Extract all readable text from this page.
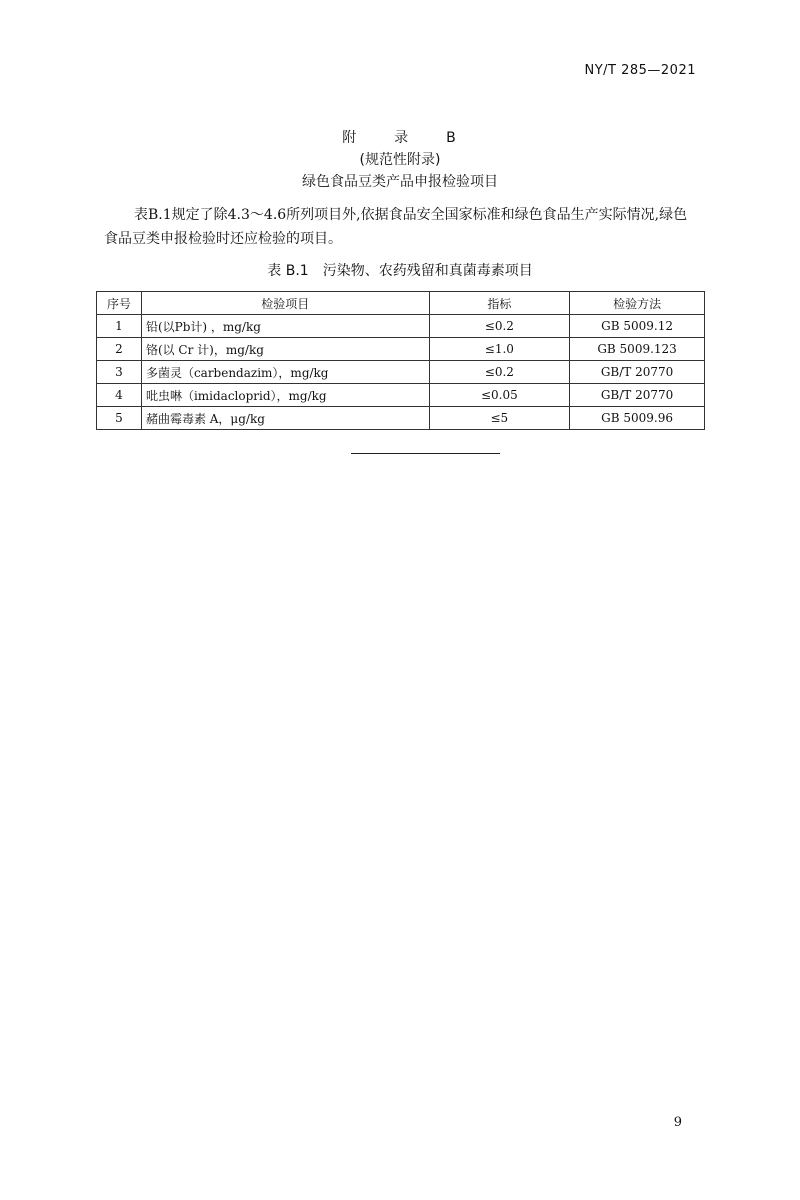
NY/T 285—2021
附　录　B
(规范性附录)
绿色食品豆类产品申报检验项目
表B.1规定了除4.3～4.6所列项目外,依据食品安全国家标准和绿色食品生产实际情况,绿色食品豆类申报检验时还应检验的项目。
表 B.1 污染物、农药残留和真菌毒素项目
序号	检验项目	指标	检验方法
1	铅(以Pb计) ，mg/kg	≤0.2	GB 5009.12
2	铬(以 Cr 计)，mg/kg	≤1.0	GB 5009.123
3	多菌灵（carbendazim），mg/kg	≤0.2	GB/T 20770
4	吡虫啉（imidacloprid），mg/kg	≤0.05	GB/T 20770
5	赭曲霉毒素 A，μg/kg	≤5	GB 5009.96
9
